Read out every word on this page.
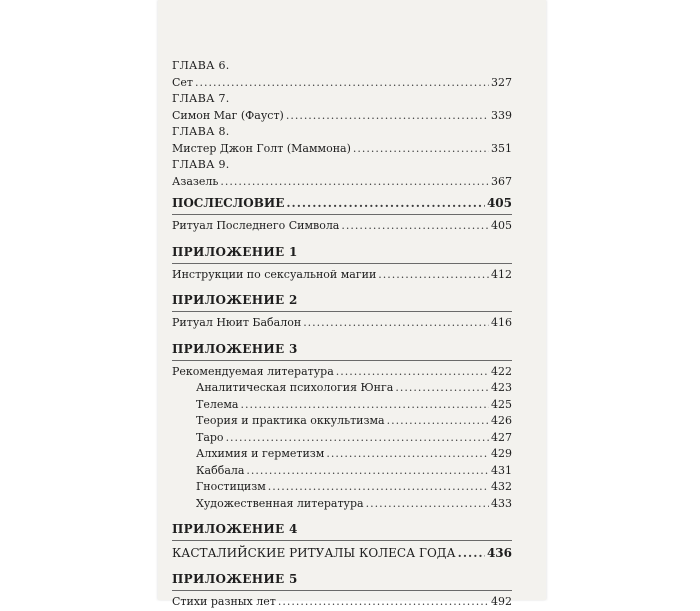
ГЛАВА 6.
Сет .....	327
ГЛАВА 7.
Симон Маг (Фауст) .....	339
ГЛАВА 8.
Мистер Джон Голт (Маммона) .....	351
ГЛАВА 9.
Азазель .....	367
ПОСЛЕСЛОВИЕ .....	405
Ритуал Последнего Символа .....	405
ПРИЛОЖЕНИЕ 1
Инструкции по сексуальной магии .....	412
ПРИЛОЖЕНИЕ 2
Ритуал Нюит Бабалон .....	416
ПРИЛОЖЕНИЕ 3
Рекомендуемая литература .....	422
Аналитическая психология Юнга .....	423
Телема .....	425
Теория и практика оккультизма .....	426
Таро .....	427
Алхимия и герметизм .....	429
Каббала .....	431
Гностицизм .....	432
Художественная литература .....	433
ПРИЛОЖЕНИЕ 4
КАСТАЛИЙСКИЕ РИТУАЛЫ КОЛЕСА ГОДА .....	436
ПРИЛОЖЕНИЕ 5
Стихи разных лет .....	492
